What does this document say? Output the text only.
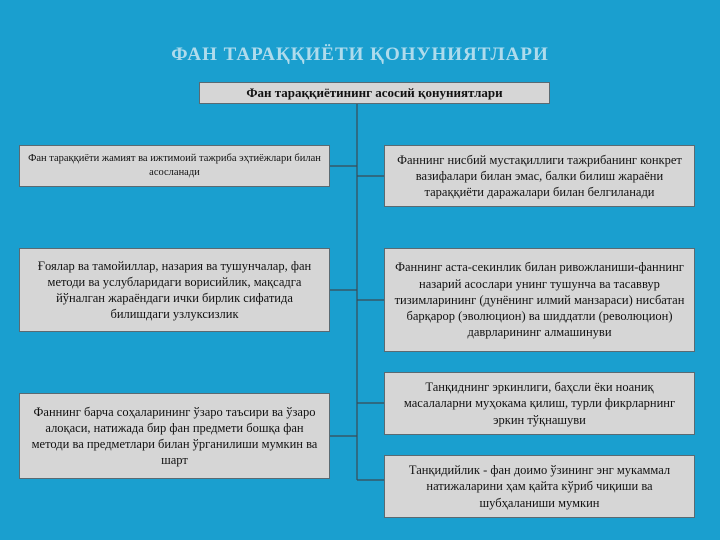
ФАН ТАРАҚҚИЁТИ ҚОНУНИЯТЛАРИ
Фан тараққиётининг асосий қонуниятлари
Фан тараққиёти жамият ва ижтимоий тажриба эҳтиёжлари билан асосланади
Ғоялар ва тамойиллар, назария ва тушунчалар, фан методи ва услубларидаги ворисийлик, мақсадга йўналган жараёндаги ички бирлик сифатида билишдаги узлуксизлик
Фаннинг барча соҳаларининг ўзаро таъсири ва ўзаро алоқаси, натижада бир фан предмети бошқа фан методи ва предметлари билан ўрганилиши мумкин ва шарт
Фаннинг нисбий мустақиллиги тажрибанинг конкрет вазифалари билан эмас, балки билиш жараёни тараққиёти даражалари билан белгиланади
Фаннинг аста-секинлик билан ривожланиши-фаннинг назарий асослари унинг тушунча ва тасаввур тизимларининг (дунёнинг илмий манзараси) нисбатан барқарор (эволюцион) ва шиддатли (революцион) даврларининг алмашинуви
Танқиднинг эркинлиги, баҳсли ёки ноаниқ масалаларни муҳокама қилиш, турли фикрларнинг эркин тўқнашуви
Танқидийлик - фан доимо ўзининг энг мукаммал натижаларини ҳам қайта кўриб чиқиши ва шубҳаланиши мумкин
